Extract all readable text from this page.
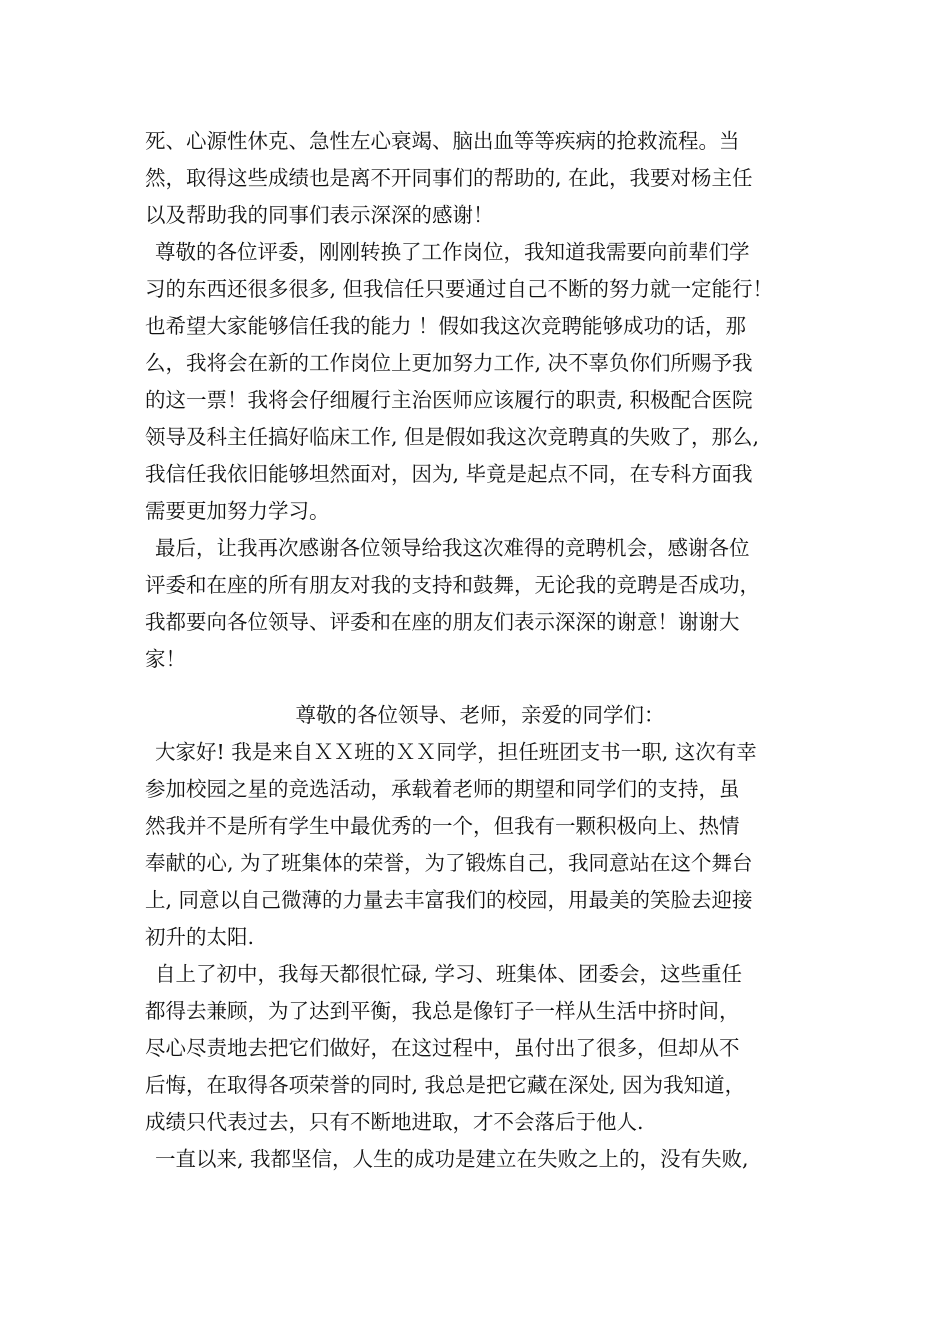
死、心源性休克、急性左心衰竭、脑出血等等疾病的抢救流程。当
然，取得这些成绩也是离不开同事们的帮助的, 在此，我要对杨主任
以及帮助我的同事们表示深深的感谢！
尊敬的各位评委，刚刚转换了工作岗位，我知道我需要向前辈们学
习的东西还很多很多, 但我信任只要通过自己不断的努力就一定能行！
也希望大家能够信任我的能力 ！假如我这次竞聘能够成功的话，那
么，我将会在新的工作岗位上更加努力工作, 决不辜负你们所赐予我
的这一票！我将会仔细履行主治医师应该履行的职责, 积极配合医院
领导及科主任搞好临床工作, 但是假如我这次竞聘真的失败了，那么,
我信任我依旧能够坦然面对，因为, 毕竟是起点不同，在专科方面我
需要更加努力学习。
最后，让我再次感谢各位领导给我这次难得的竞聘机会，感谢各位
评委和在座的所有朋友对我的支持和鼓舞，无论我的竞聘是否成功，
我都要向各位领导、评委和在座的朋友们表示深深的谢意！谢谢大
家！
尊敬的各位领导、老师，亲爱的同学们：
大家好! 我是来自ＸＸ班的ＸＸ同学，担任班团支书一职, 这次有幸
参加校园之星的竞选活动，承载着老师的期望和同学们的支持，虽
然我并不是所有学生中最优秀的一个，但我有一颗积极向上、热情
奉献的心, 为了班集体的荣誉，为了锻炼自己，我同意站在这个舞台
上, 同意以自己微薄的力量去丰富我们的校园，用最美的笑脸去迎接
初升的太阳.
自上了初中，我每天都很忙碌, 学习、班集体、团委会，这些重任
都得去兼顾，为了达到平衡，我总是像钉子一样从生活中挤时间，
尽心尽责地去把它们做好，在这过程中，虽付出了很多，但却从不
后悔，在取得各项荣誉的同时, 我总是把它藏在深处, 因为我知道，
成绩只代表过去，只有不断地进取，才不会落后于他人.
一直以来, 我都坚信，人生的成功是建立在失败之上的，没有失败,
